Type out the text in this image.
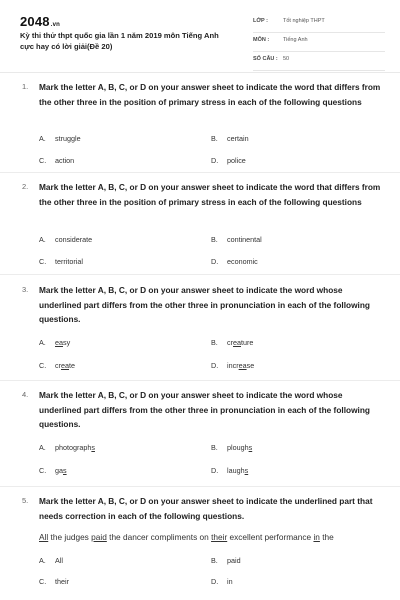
2048.vn
Kỳ thi thử thpt quốc gia lần 1 năm 2019 môn Tiếng Anh cực hay có lời giải(Đề 20)
LỚP :	Tốt nghiệp THPT
MÔN :	Tiếng Anh
SỐ CÂU : 50
1. Mark the letter A, B, C, or D on your answer sheet to indicate the word that differs from the other three in the position of primary stress in each of the following questions
A. struggle	B. certain
C. action	D. police
2. Mark the letter A, B, C, or D on your answer sheet to indicate the word that differs from the other three in the position of primary stress in each of the following questions
A. considerate	B. continental
C. territorial	D. economic
3. Mark the letter A, B, C, or D on your answer sheet to indicate the word whose underlined part differs from the other three in pronunciation in each of the following questions.
A. easy	B. creature
C. create	D. increase
4. Mark the letter A, B, C, or D on your answer sheet to indicate the word whose underlined part differs from the other three in pronunciation in each of the following questions.
A. photographs	B. ploughs
C. gas	D. laughs
5. Mark the letter A, B, C, or D on your answer sheet to indicate the underlined part that needs correction in each of the following questions.
All the judges paid the dancer compliments on their excellent performance in the
A. All	B. paid
C. their	D. in
